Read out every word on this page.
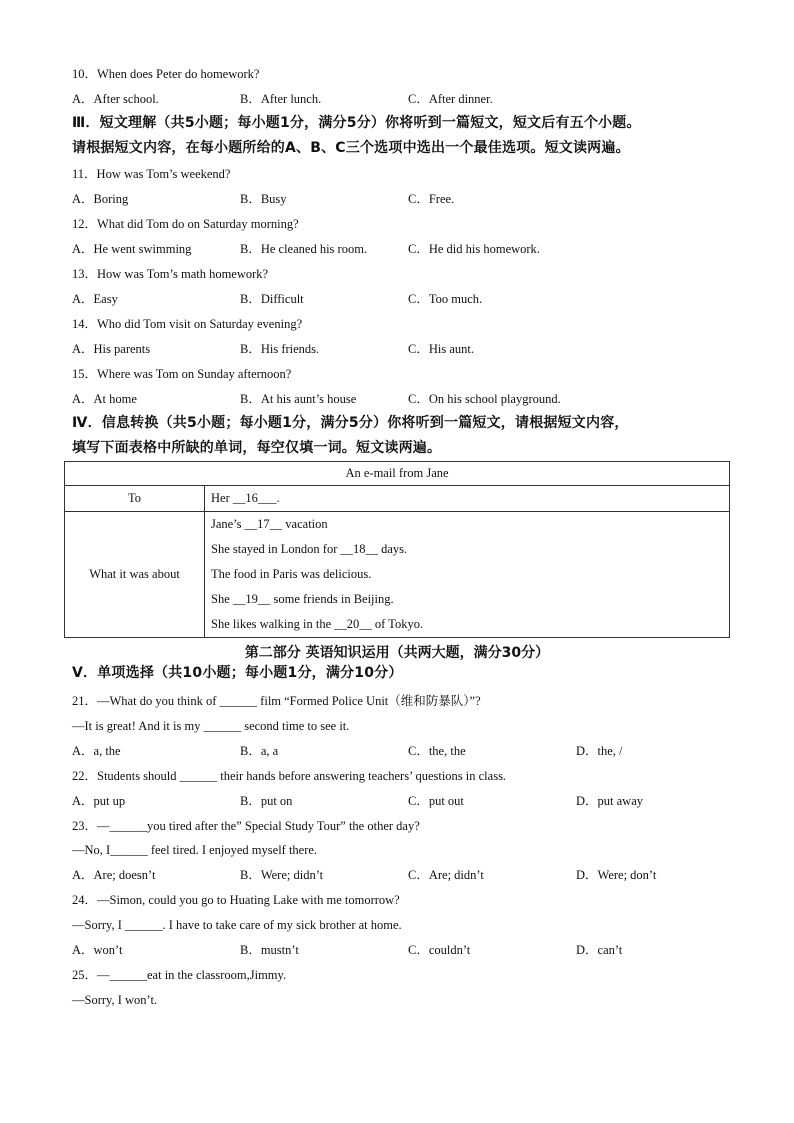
10．When does Peter do homework?
A．After school.	B．After lunch.	C．After dinner.
Ⅲ．短文理解（共5小题；每小题1分，满分5分）你将听到一篇短文，短文后有五个小题。
请根据短文内容，在每小题所给的A、B、C三个选项中选出一个最佳选项。短文读两遍。
11．How was Tom’s weekend?
A．Boring	B．Busy	C．Free.
12．What did Tom do on Saturday morning?
A．He went swimming	B．He cleaned his room.	C．He did his homework.
13．How was Tom’s math homework?
A．Easy	B．Difficult	C．Too much.
14．Who did Tom visit on Saturday evening?
A．His parents	B．His friends.	C．His aunt.
15．Where was Tom on Sunday afternoon?
A．At home	B．At his aunt’s house	C．On his school playground.
Ⅳ．信息转换（共5小题；每小题1分，满分5分）你将听到一篇短文，请根据短文内容，
填写下面表格中所缺的单词，每空仅填一词。短文读两遍。
An e-mail from Jane	
To	Her __16___.
What it was about	Jane’s __17__ vacation
She stayed in London for __18__ days.
The food in Paris was delicious.
She __19__ some friends in Beijing.
She likes walking in the __20__ of Tokyo.
第二部分 英语知识运用（共两大题，满分30分）
Ⅴ．单项选择（共10小题；每小题1分，满分10分）
21．—What do you think of ______ film “Formed Police Unit（维和防暴队）”?
—It is great! And it is my ______ second time to see it.
A．a, the	B．a, a	C．the, the	D．the, /
22．Students should ______ their hands before answering teachers’ questions in class.
A．put up	B．put on	C．put out	D．put away
23．—______you tired after the” Special Study Tour” the other day?
—No, I______ feel tired. I enjoyed myself there.
A．Are; doesn’t	B．Were; didn’t	C．Are; didn’t	D．Were; don’t
24．—Simon, could you go to Huating Lake with me tomorrow?
—Sorry, I ______. I have to take care of my sick brother at home.
A．won’t	B．mustn’t	C．couldn’t	D．can’t
25．—______eat in the classroom,Jimmy.
—Sorry, I won’t.
